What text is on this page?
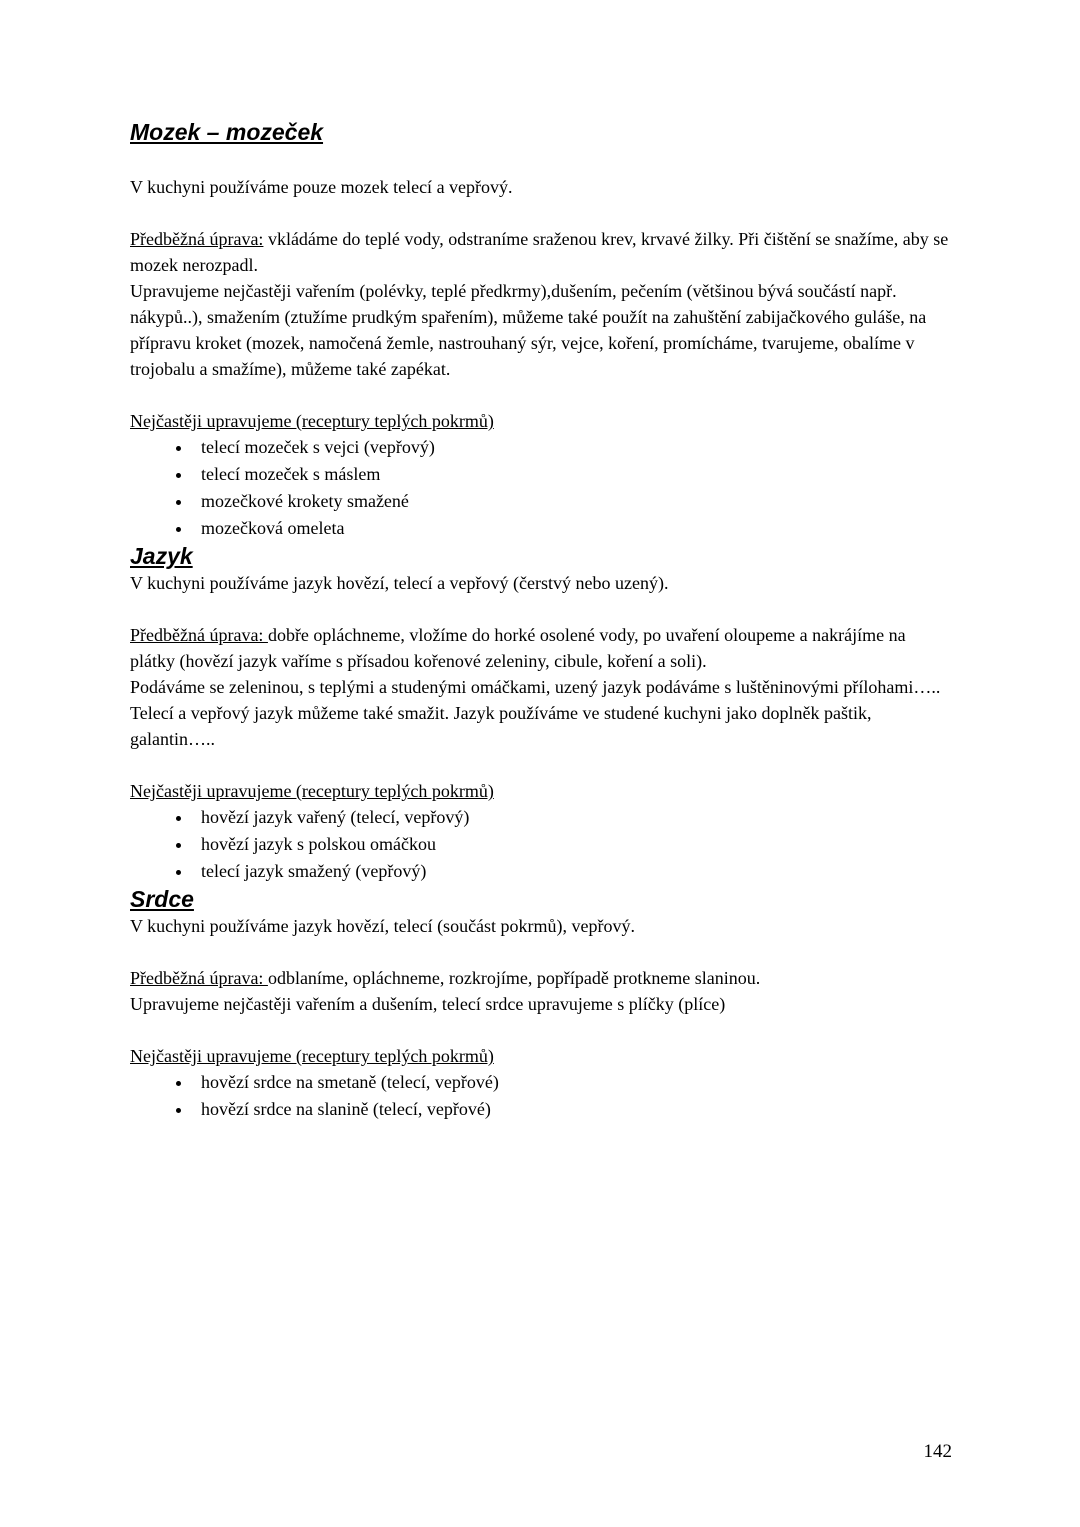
Mozek – mozeček

V kuchyni používáme pouze mozek telecí a vepřový.

Předběžná úprava: vkládáme do teplé vody, odstraníme sraženou krev, krvavé žilky. Při čištění se snažíme, aby se mozek nerozpadl.

Upravujeme nejčastěji vařením (polévky, teplé předkrmy),dušením, pečením (většinou bývá součástí např. nákypů..), smažením (ztužíme prudkým spařením), můžeme také použít na zahuštění zabijačkového guláše, na přípravu kroket (mozek, namočená žemle, nastrouhaný sýr, vejce, koření, promícháme, tvarujeme, obalíme v trojobalu a smažíme), můžeme také zapékat.

Nejčastěji upravujeme (receptury teplých pokrmů)

• telecí mozeček s vejci (vepřový)
• telecí mozeček s máslem
• mozečkové krokety smažené
• mozečková omeleta
Jazyk

V kuchyni používáme jazyk hovězí, telecí a vepřový (čerstvý nebo uzený).

Předběžná úprava: dobře opláchneme, vložíme do horké osolené vody, po uvaření oloupeme a nakrájíme na plátky (hovězí jazyk vaříme s přísadou kořenové zeleniny, cibule, koření a soli).

Podáváme se zeleninou, s teplými a studenými omáčkami, uzený jazyk podáváme s luštěninovými přílohami…..

Telecí a vepřový jazyk můžeme také smažit. Jazyk používáme ve studené kuchyni jako doplněk paštik, galantin…..

Nejčastěji upravujeme (receptury teplých pokrmů)

• hovězí jazyk vařený (telecí, vepřový)
• hovězí jazyk s polskou omáčkou
• telecí jazyk smažený (vepřový)
Srdce

V kuchyni používáme jazyk hovězí, telecí (součást pokrmů), vepřový.

Předběžná úprava: odblaníme, opláchneme, rozkrojíme, popřípadě protkneme slaninou.

Upravujeme nejčastěji vařením a dušením, telecí srdce upravujeme s plíčky (plíce)

Nejčastěji upravujeme (receptury teplých pokrmů)

• hovězí srdce na smetaně (telecí, vepřové)
• hovězí srdce na slanině (telecí, vepřové)
142
